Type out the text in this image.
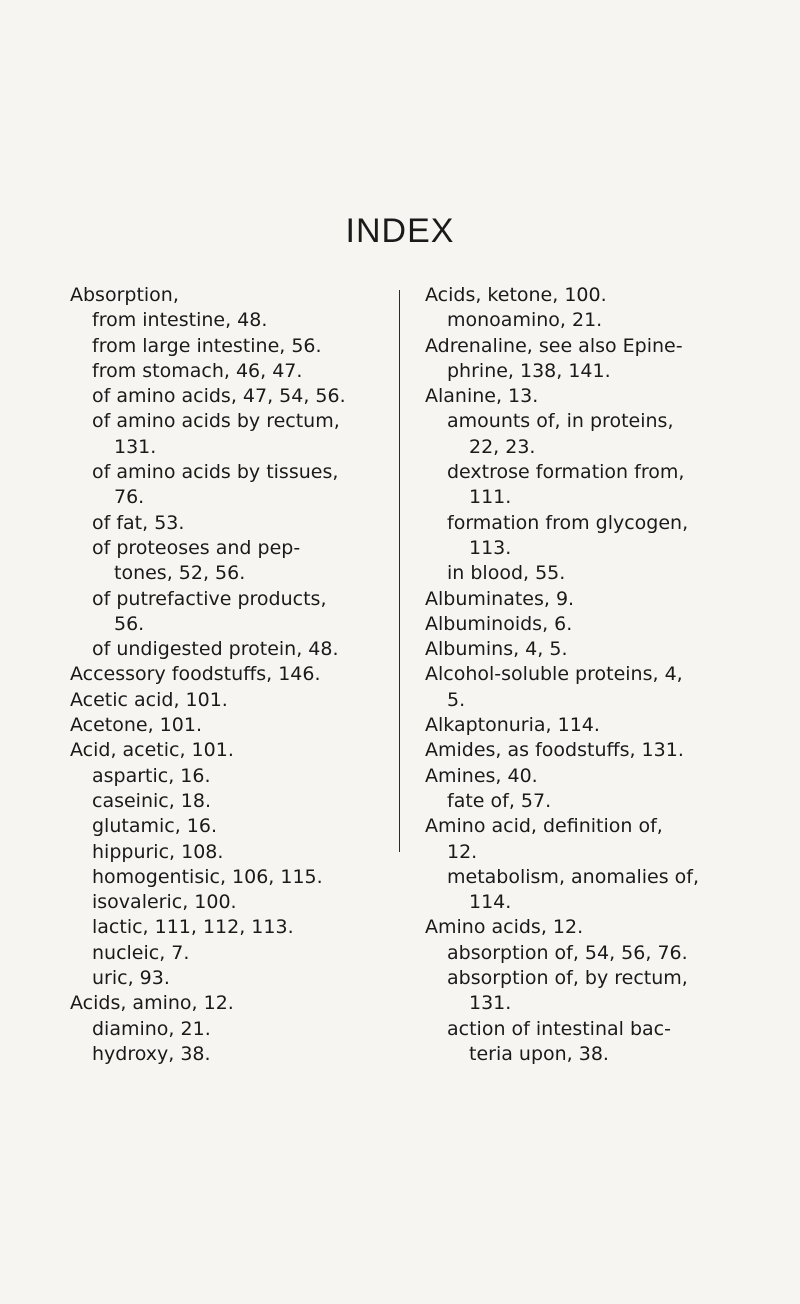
INDEX
Absorption,
from intestine, 48.
from large intestine, 56.
from stomach, 46, 47.
of amino acids, 47, 54, 56.
of amino acids by rectum,
131.
of amino acids by tissues,
76.
of fat, 53.
of proteoses and pep-
tones, 52, 56.
of putrefactive products,
56.
of undigested protein, 48.
Accessory foodstuffs, 146.
Acetic acid, 101.
Acetone, 101.
Acid, acetic, 101.
aspartic, 16.
caseinic, 18.
glutamic, 16.
hippuric, 108.
homogentisic, 106, 115.
isovaleric, 100.
lactic, 111, 112, 113.
nucleic, 7.
uric, 93.
Acids, amino, 12.
diamino, 21.
hydroxy, 38.
Acids, ketone, 100.
monoamino, 21.
Adrenaline, see also Epine-
phrine, 138, 141.
Alanine, 13.
amounts of, in proteins,
22, 23.
dextrose formation from,
111.
formation from glycogen,
113.
in blood, 55.
Albuminates, 9.
Albuminoids, 6.
Albumins, 4, 5.
Alcohol-soluble proteins, 4,
5.
Alkaptonuria, 114.
Amides, as foodstuffs, 131.
Amines, 40.
fate of, 57.
Amino acid, definition of,
12.
metabolism, anomalies of,
114.
Amino acids, 12.
absorption of, 54, 56, 76.
absorption of, by rectum,
131.
action of intestinal bac-
teria upon, 38.
